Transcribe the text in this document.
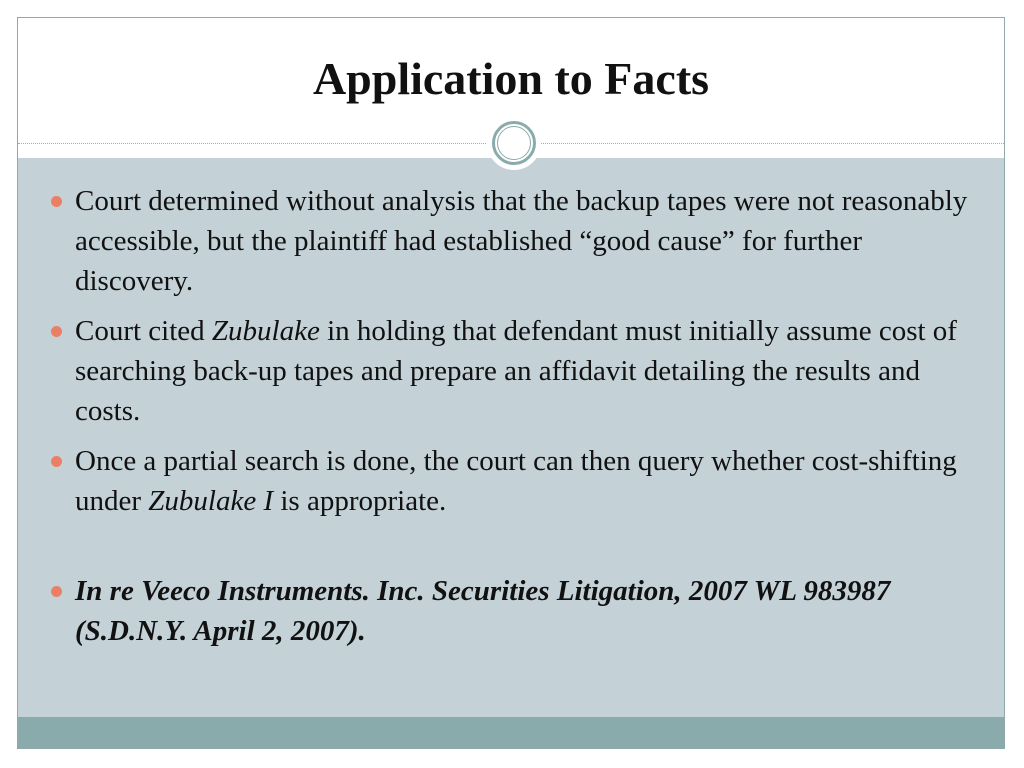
Application to Facts
Court determined without analysis that the backup tapes were not reasonably accessible, but the plaintiff had established “good cause” for further discovery.
Court cited Zubulake in holding that defendant must initially assume cost of searching back-up tapes and prepare an affidavit detailing the results and costs.
Once a partial search is done, the court can then query whether cost-shifting under Zubulake I is appropriate.
In re Veeco Instruments. Inc. Securities Litigation, 2007 WL 983987 (S.D.N.Y. April 2, 2007).
